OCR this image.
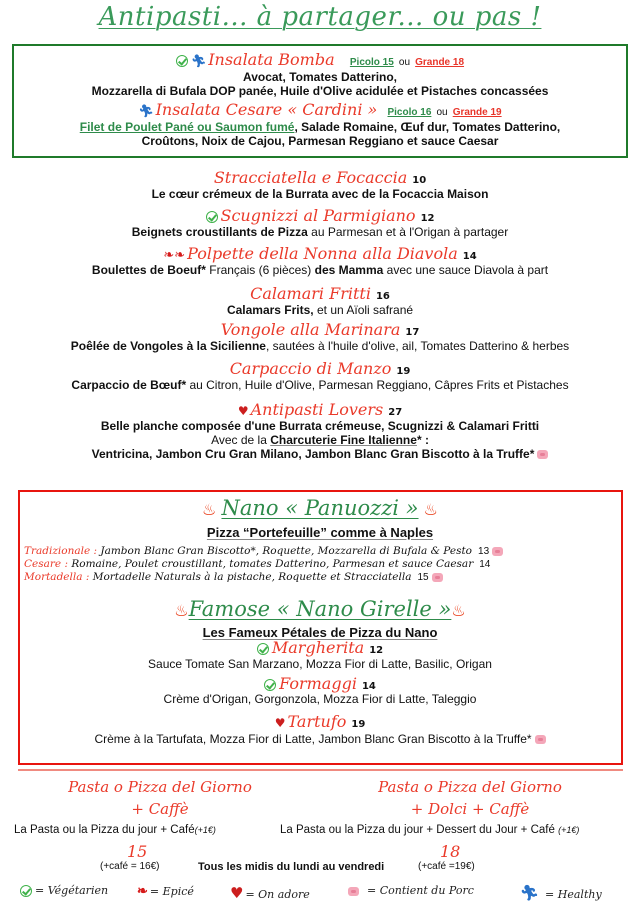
Antipasti... à partager... ou pas !
🏃︎ Insalata Bomba Picolo 15 ou Grande 18
Avocat, Tomates Datterino,
Mozzarella di Bufala DOP panée, Huile d'Olive acidulée et Pistaches concassées
🏃︎ Insalata Cesare « Cardini » Picolo 16 ou Grande 19
Filet de Poulet Pané ou Saumon fumé, Salade Romaine, Œuf dur, Tomates Datterino,
Croûtons, Noix de Cajou, Parmesan Reggiano et sauce Caesar
Stracciatella e Focaccia 10
Le cœur crémeux de la Burrata avec de la Focaccia Maison
Scugnizzi al Parmigiano 12
Beignets croustillants de Pizza au Parmesan et à l'Origan à partager
❧❧ Polpette della Nonna alla Diavola 14
Boulettes de Boeuf* Français (6 pièces) des Mamma avec une sauce Diavola à part
Calamari Fritti 16
Calamars Frits, et un Aïoli safrané
Vongole alla Marinara 17
Poêlée de Vongoles à la Sicilienne, sautées à l'huile d'olive, ail, Tomates Datterino & herbes
Carpaccio di Manzo 19
Carpaccio de Bœuf* au Citron, Huile d'Olive, Parmesan Reggiano, Câpres Frits et Pistaches
♥ Antipasti Lovers 27
Belle planche composée d'une Burrata crémeuse, Scugnizzi & Calamari Fritti
Avec de la Charcuterie Fine Italienne* :
Ventricina, Jambon Cru Gran Milano, Jambon Blanc Gran Biscotto à la Truffe*
♨ Nano « Panuozzi » ♨
Pizza “Portefeuille” comme à Naples
Tradizionale : Jambon Blanc Gran Biscotto*, Roquette, Mozzarella di Bufala & Pesto 13
Cesare : Romaine, Poulet croustillant, tomates Datterino, Parmesan et sauce Caesar 14
Mortadella : Mortadelle Naturals à la pistache, Roquette et Stracciatella 15
♨Famose « Nano Girelle »♨
Les Fameux Pétales de Pizza du Nano
Margherita 12
Sauce Tomate San Marzano, Mozza Fior di Latte, Basilic, Origan
Formaggi 14
Crème d'Origan, Gorgonzola, Mozza Fior di Latte, Taleggio
♥ Tartufo 19
Crème à la Tartufata, Mozza Fior di Latte, Jambon Blanc Gran Biscotto à la Truffe*
Pasta o Pizza del Giorno
+ Caffè
La Pasta ou la Pizza du jour + Café(+1€)
15
(+café = 16€)
Pasta o Pizza del Giorno
+ Dolci + Caffè
La Pasta ou la Pizza du jour + Dessert du Jour + Café (+1€)
18
(+café =19€)
Tous les midis du lundi au vendredi
= Végétarien ❧ = Epicé ♥ = On adore	= Contient du Porc	🏃︎ = Healthy
